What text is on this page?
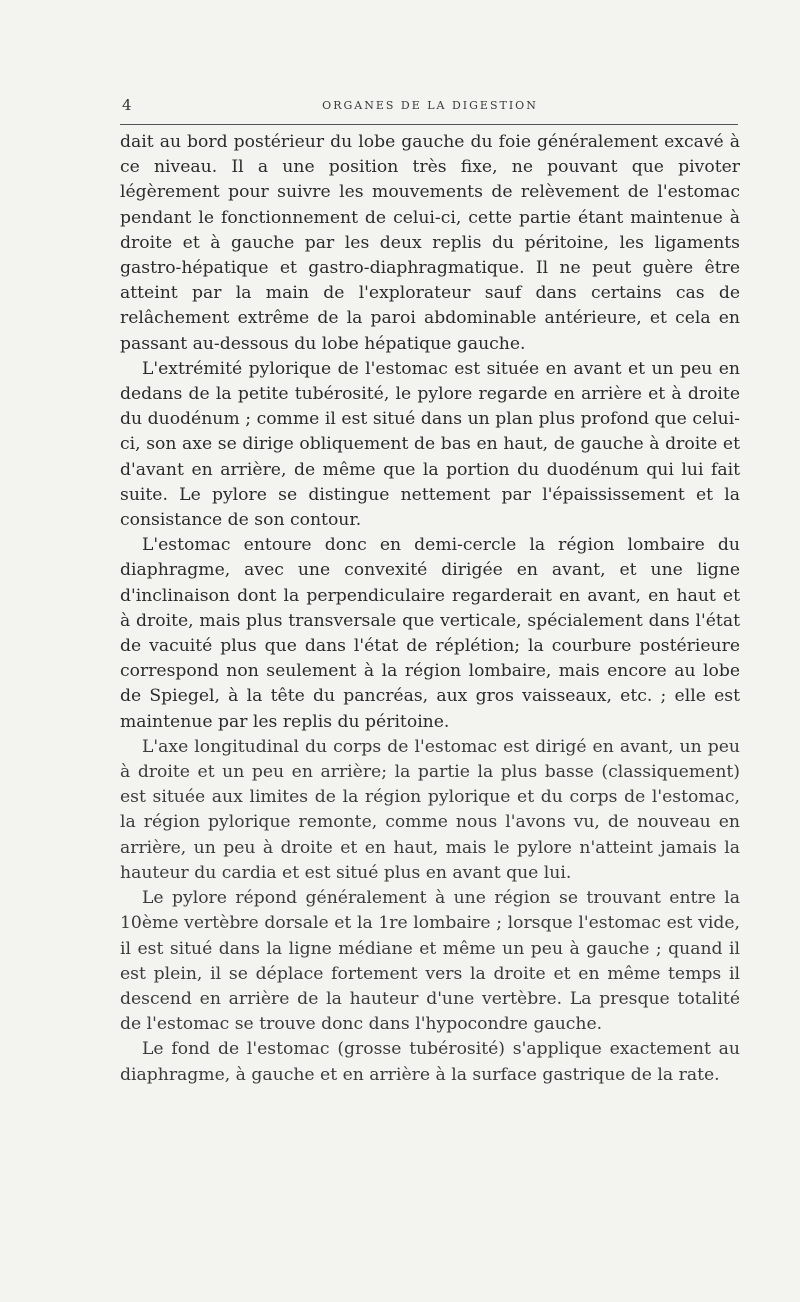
4	ORGANES DE LA DIGESTION

dait au bord postérieur du lobe gauche du foie généralement excavé à ce niveau. Il a une position très fixe, ne pouvant que pivoter légèrement pour suivre les mouvements de relèvement de l'estomac pendant le fonctionnement de celui-ci, cette partie étant maintenue à droite et à gauche par les deux replis du péritoine, les ligaments gastro-hépatique et gastro-diaphragmatique. Il ne peut guère être atteint par la main de l'explorateur sauf dans certains cas de relâchement extrême de la paroi abdominable antérieure, et cela en passant au-dessous du lobe hépatique gauche.

L'extrémité pylorique de l'estomac est située en avant et un peu en dedans de la petite tubérosité, le pylore regarde en arrière et à droite du duodénum ; comme il est situé dans un plan plus profond que celui-ci, son axe se dirige obliquement de bas en haut, de gauche à droite et d'avant en arrière, de même que la portion du duodénum qui lui fait suite. Le pylore se distingue nettement par l'épaississement et la consistance de son contour.

L'estomac entoure donc en demi-cercle la région lombaire du diaphragme, avec une convexité dirigée en avant, et une ligne d'inclinaison dont la perpendiculaire regarderait en avant, en haut et à droite, mais plus transversale que verticale, spécialement dans l'état de vacuité plus que dans l'état de réplétion; la courbure postérieure correspond non seulement à la région lombaire, mais encore au lobe de Spiegel, à la tête du pancréas, aux gros vaisseaux, etc. ; elle est maintenue par les replis du péritoine.

L'axe longitudinal du corps de l'estomac est dirigé en avant, un peu à droite et un peu en arrière; la partie la plus basse (classiquement) est située aux limites de la région pylorique et du corps de l'estomac, la région pylorique remonte, comme nous l'avons vu, de nouveau en arrière, un peu à droite et en haut, mais le pylore n'atteint jamais la hauteur du cardia et est situé plus en avant que lui.

Le pylore répond généralement à une région se trouvant entre la 10ème vertèbre dorsale et la 1re lombaire ; lorsque l'estomac est vide, il est situé dans la ligne médiane et même un peu à gauche ; quand il est plein, il se déplace fortement vers la droite et en même temps il descend en arrière de la hauteur d'une vertèbre. La presque totalité de l'estomac se trouve donc dans l'hypocondre gauche.

Le fond de l'estomac (grosse tubérosité) s'applique exactement au diaphragme, à gauche et en arrière à la surface gastrique de la rate.
